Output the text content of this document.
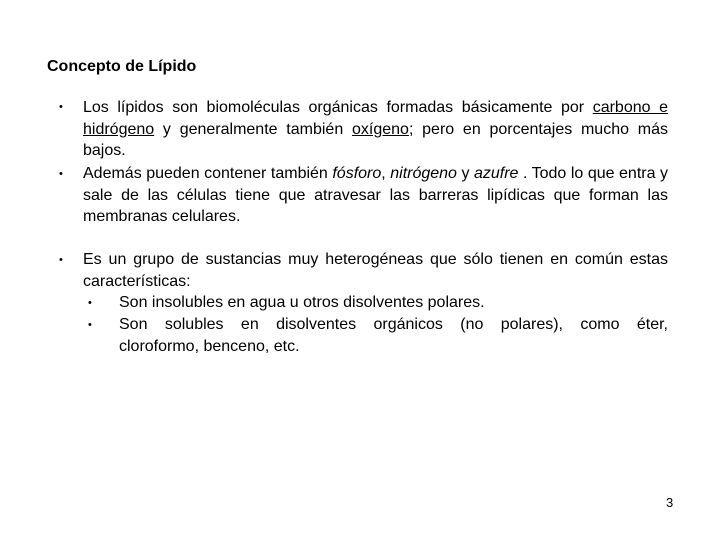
Concepto de Lípido
• Los lípidos son biomoléculas orgánicas formadas básicamente por carbono e hidrógeno y generalmente también oxígeno; pero en porcentajes mucho más bajos.
• Además pueden contener también fósforo, nitrógeno y azufre . Todo lo que entra y sale de las células tiene que atravesar las barreras lipídicas que forman las membranas celulares.
• Es un grupo de sustancias muy heterogéneas que sólo tienen en común estas características:
• Son insolubles en agua u otros disolventes polares.
• Son solubles en disolventes orgánicos (no polares), como éter,
cloroformo, benceno, etc.
3
